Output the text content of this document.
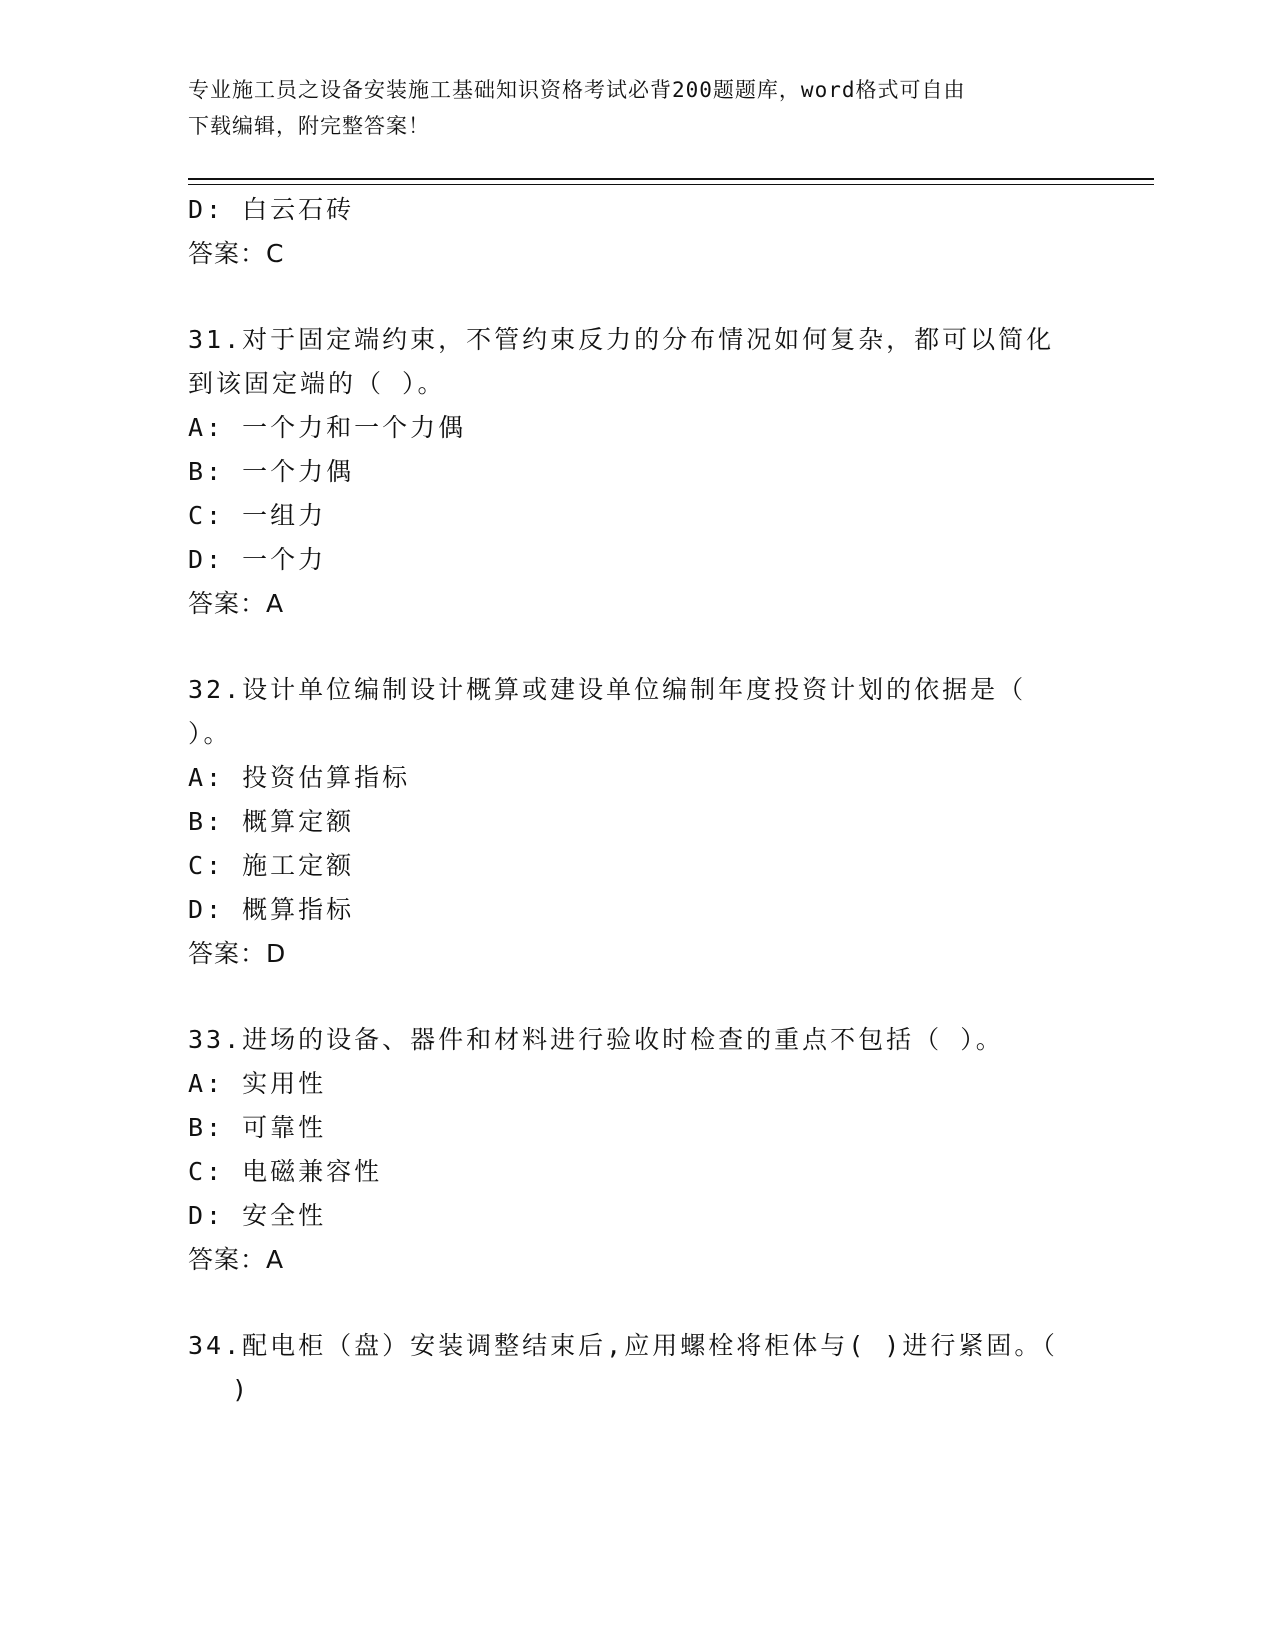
专业施工员之设备安装施工基础知识资格考试必背200题题库，word格式可自由
下载编辑，附完整答案！
D: 白云石砖
答案：C
31.对于固定端约束，不管约束反力的分布情况如何复杂，都可以简化
到该固定端的（ ）。
A: 一个力和一个力偶
B: 一个力偶
C: 一组力
D: 一个力
答案：A
32.设计单位编制设计概算或建设单位编制年度投资计划的依据是（
）。
A: 投资估算指标
B: 概算定额
C: 施工定额
D: 概算指标
答案：D
33.进场的设备、器件和材料进行验收时检查的重点不包括（ ）。
A: 实用性
B: 可靠性
C: 电磁兼容性
D: 安全性
答案：A
34.配电柜（盘）安装调整结束后,应用螺栓将柜体与( )进行紧固。（
)
